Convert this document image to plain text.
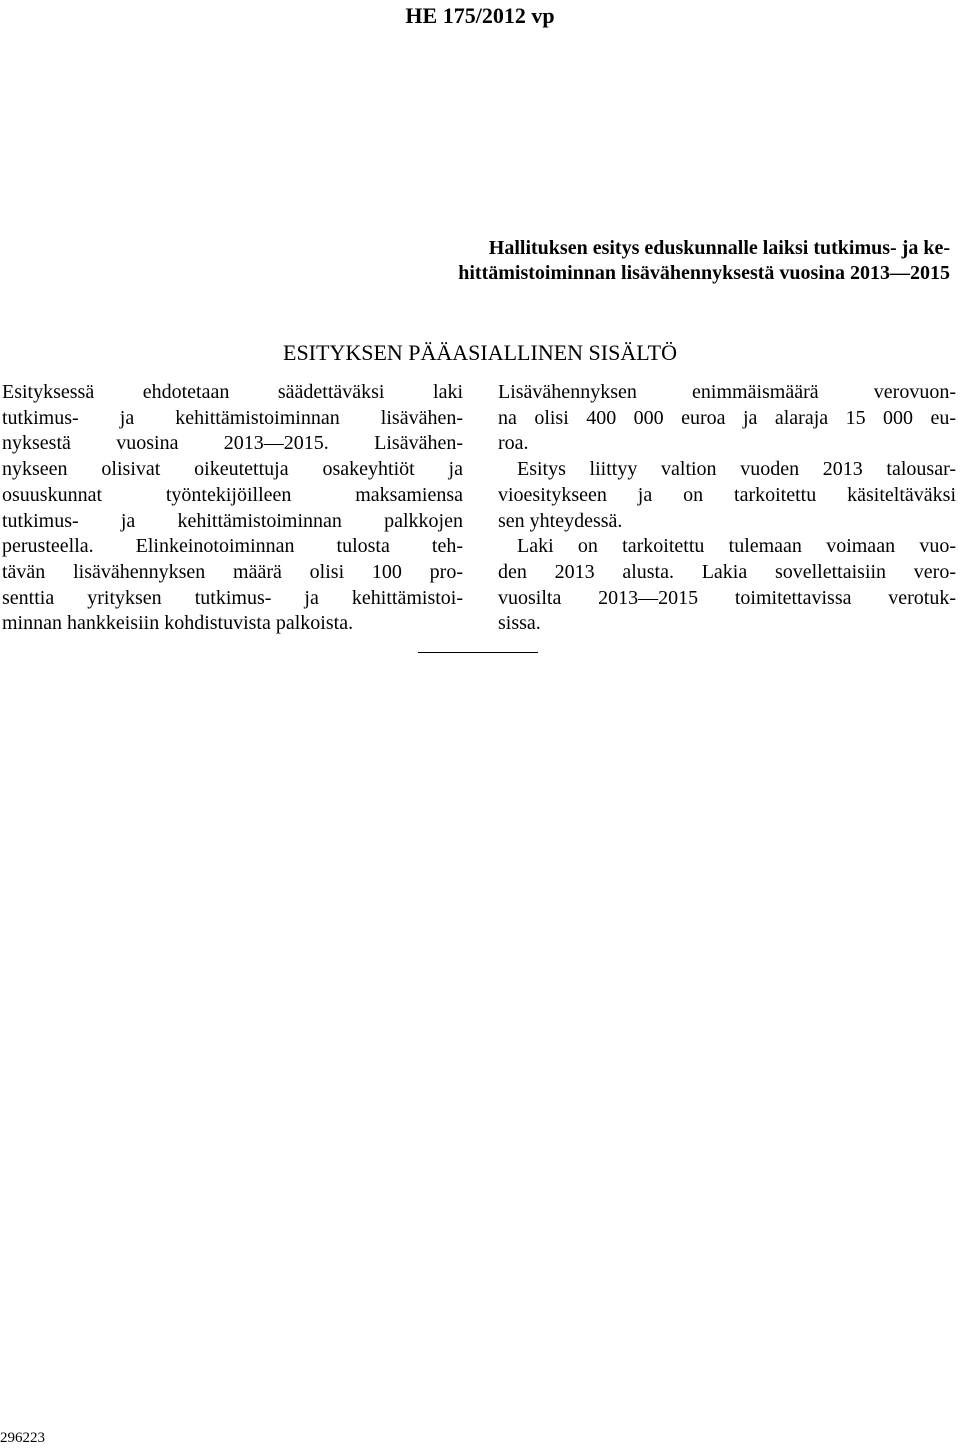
HE 175/2012 vp
Hallituksen esitys eduskunnalle laiksi tutkimus- ja ke-
hittämistoiminnan lisävähennyksestä vuosina 2013—2015
ESITYKSEN PÄÄASIALLINEN SISÄLTÖ
Esityksessä ehdotetaan säädettäväksi laki
tutkimus- ja kehittämistoiminnan lisävähen-
nyksestä vuosina 2013—2015. Lisävähen-
nykseen olisivat oikeutettuja osakeyhtiöt ja
osuuskunnat työntekijöilleen maksamiensa
tutkimus- ja kehittämistoiminnan palkkojen
perusteella. Elinkeinotoiminnan tulosta teh-
tävän lisävähennyksen määrä olisi 100 pro-
senttia yrityksen tutkimus- ja kehittämistoi-
minnan hankkeisiin kohdistuvista palkoista.
Lisävähennyksen enimmäismäärä verovuon-
na olisi 400 000 euroa ja alaraja 15 000 eu-
roa.
Esitys liittyy valtion vuoden 2013 talousar-
vioesitykseen ja on tarkoitettu käsiteltäväksi
sen yhteydessä.
Laki on tarkoitettu tulemaan voimaan vuo-
den 2013 alusta. Lakia sovellettaisiin vero-
vuosilta 2013—2015 toimitettavissa verotuk-
sissa.
296223
